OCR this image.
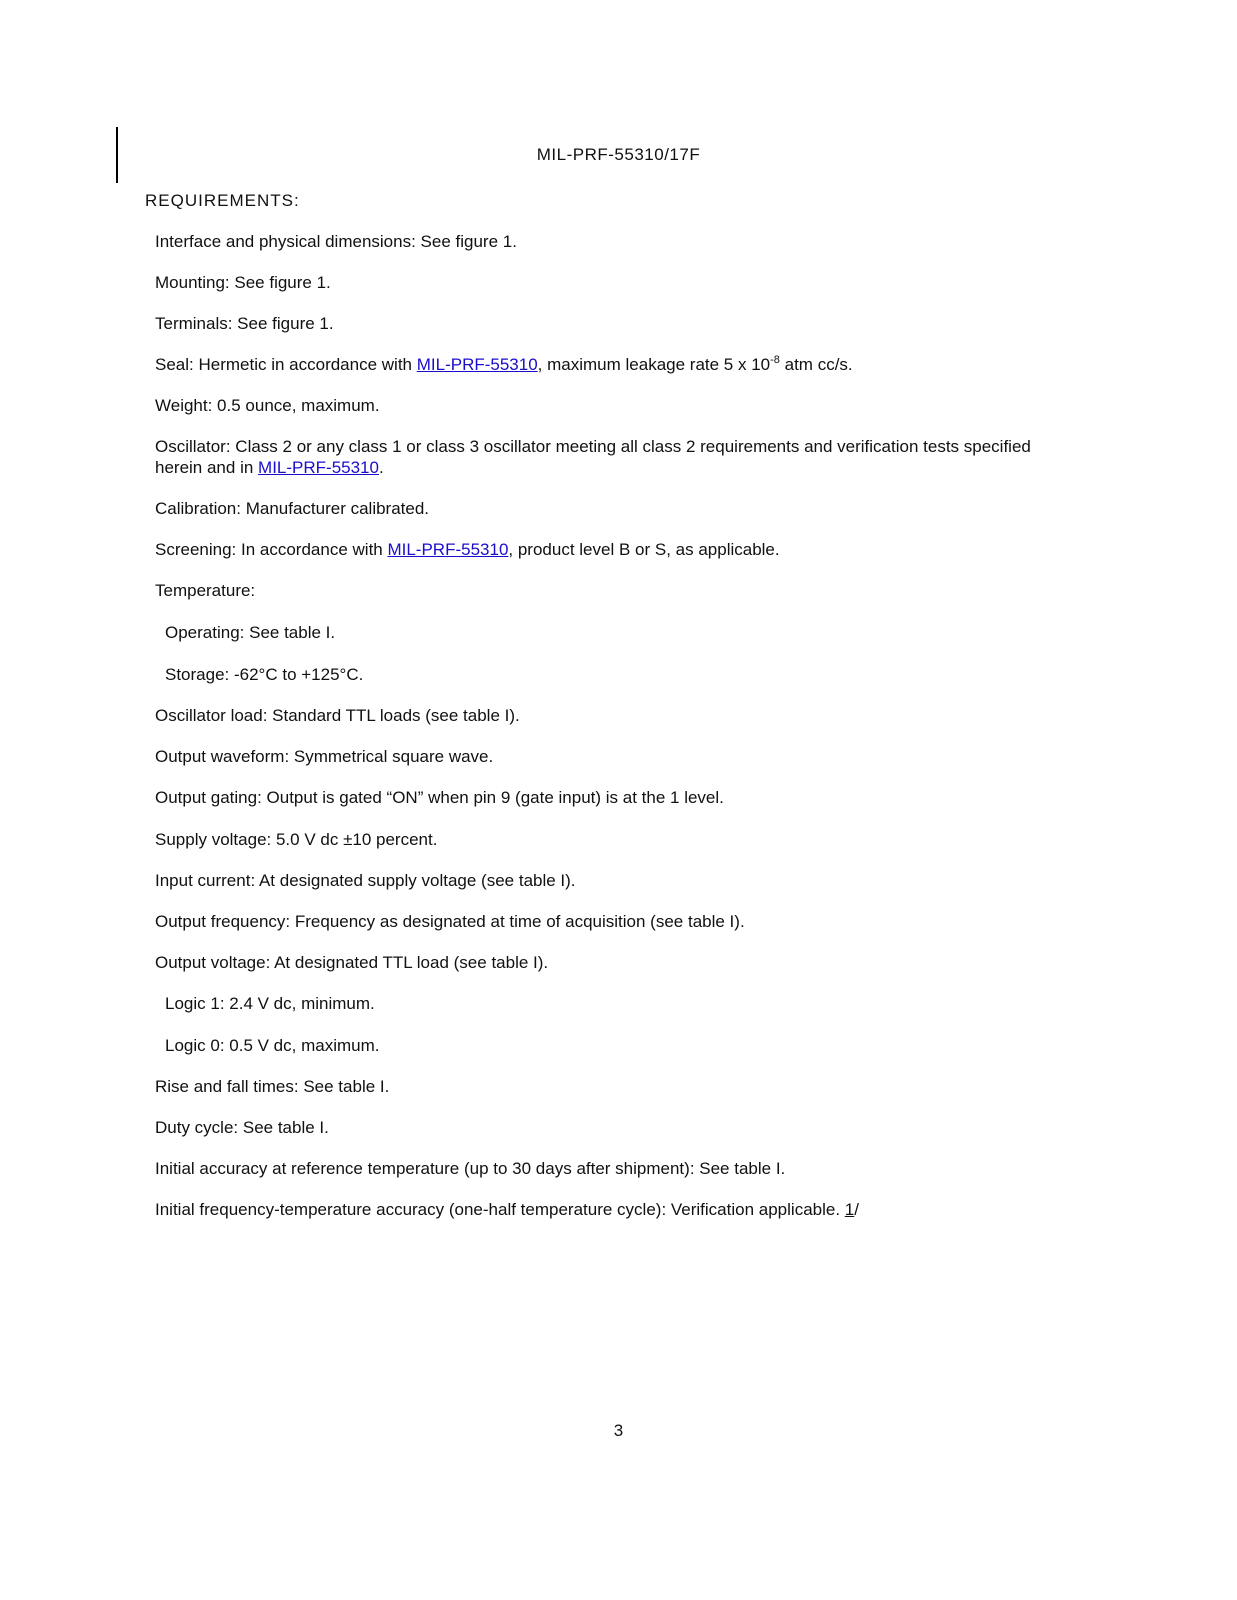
MIL-PRF-55310/17F
REQUIREMENTS:
Interface and physical dimensions: See figure 1.
Mounting: See figure 1.
Terminals: See figure 1.
Seal: Hermetic in accordance with MIL-PRF-55310, maximum leakage rate 5 x $10^{-8}$ atm cc/s.
Weight: 0.5 ounce, maximum.
Oscillator: Class 2 or any class 1 or class 3 oscillator meeting all class 2 requirements and verification tests specified herein and in MIL-PRF-55310.
Calibration: Manufacturer calibrated.
Screening: In accordance with MIL-PRF-55310, product level B or S, as applicable.
Temperature:
Operating: See table I.
Storage: -62°C to +125°C.
Oscillator load: Standard TTL loads (see table I).
Output waveform: Symmetrical square wave.
Output gating: Output is gated “ON” when pin 9 (gate input) is at the 1 level.
Supply voltage: 5.0 V dc ±10 percent.
Input current: At designated supply voltage (see table I).
Output frequency: Frequency as designated at time of acquisition (see table I).
Output voltage: At designated TTL load (see table I).
Logic 1: 2.4 V dc, minimum.
Logic 0: 0.5 V dc, maximum.
Rise and fall times: See table I.
Duty cycle: See table I.
Initial accuracy at reference temperature (up to 30 days after shipment): See table I.
Initial frequency-temperature accuracy (one-half temperature cycle): Verification applicable. 1/
3
